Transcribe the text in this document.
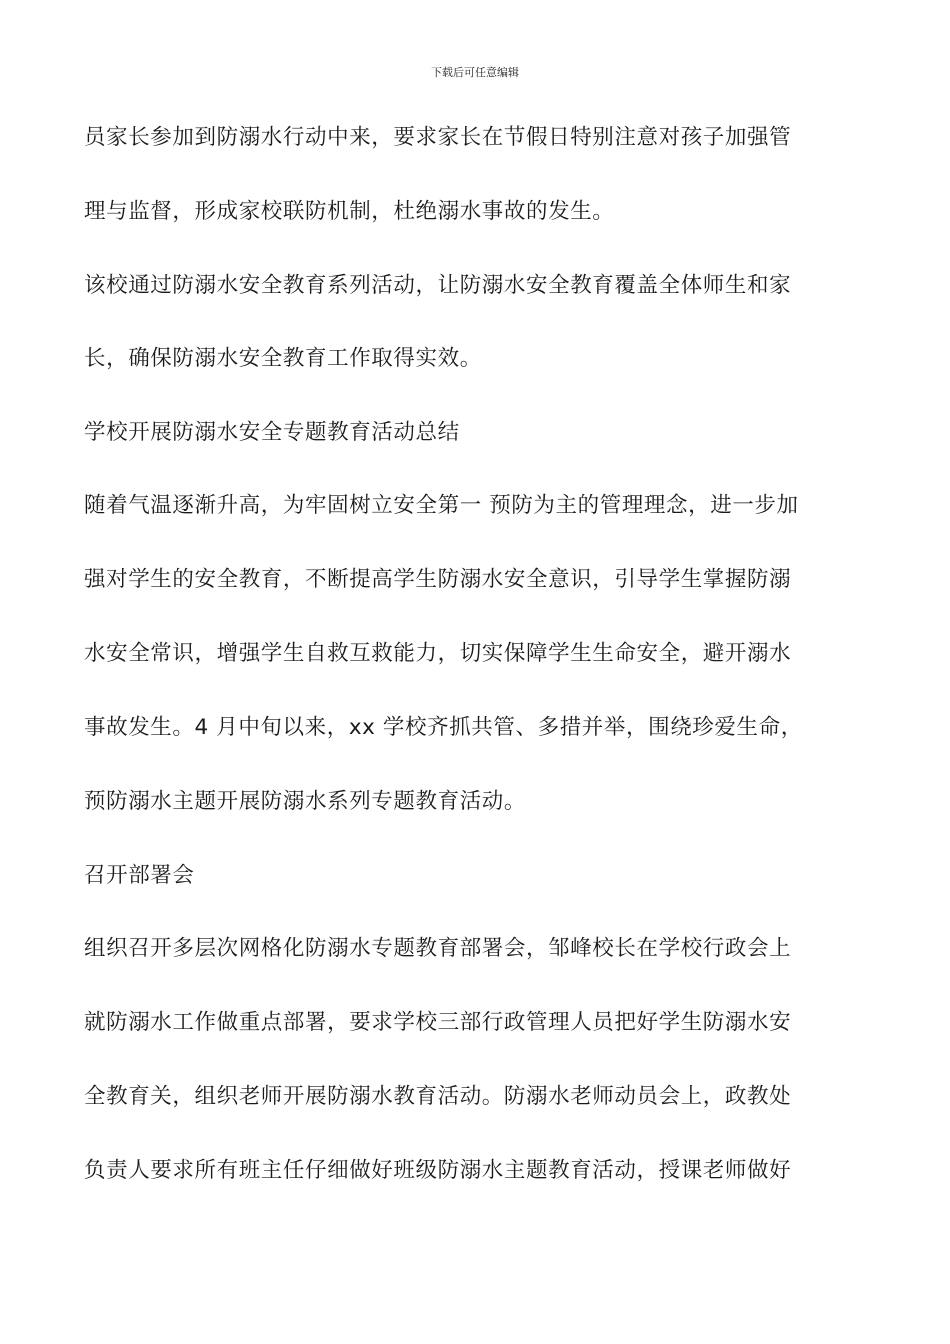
下载后可任意编辑
员家长参加到防溺水行动中来，要求家长在节假日特别注意对孩子加强管
理与监督，形成家校联防机制，杜绝溺水事故的发生。
该校通过防溺水安全教育系列活动，让防溺水安全教育覆盖全体师生和家
长，确保防溺水安全教育工作取得实效。
学校开展防溺水安全专题教育活动总结
随着气温逐渐升高，为牢固树立安全第一 预防为主的管理理念，进一步加
强对学生的安全教育，不断提高学生防溺水安全意识，引导学生掌握防溺
水安全常识，增强学生自救互救能力，切实保障学生生命安全，避开溺水
事故发生。4 月中旬以来，xx 学校齐抓共管、多措并举，围绕珍爱生命，
预防溺水主题开展防溺水系列专题教育活动。
召开部署会
组织召开多层次网格化防溺水专题教育部署会，邹峰校长在学校行政会上
就防溺水工作做重点部署，要求学校三部行政管理人员把好学生防溺水安
全教育关，组织老师开展防溺水教育活动。防溺水老师动员会上，政教处
负责人要求所有班主任仔细做好班级防溺水主题教育活动，授课老师做好
